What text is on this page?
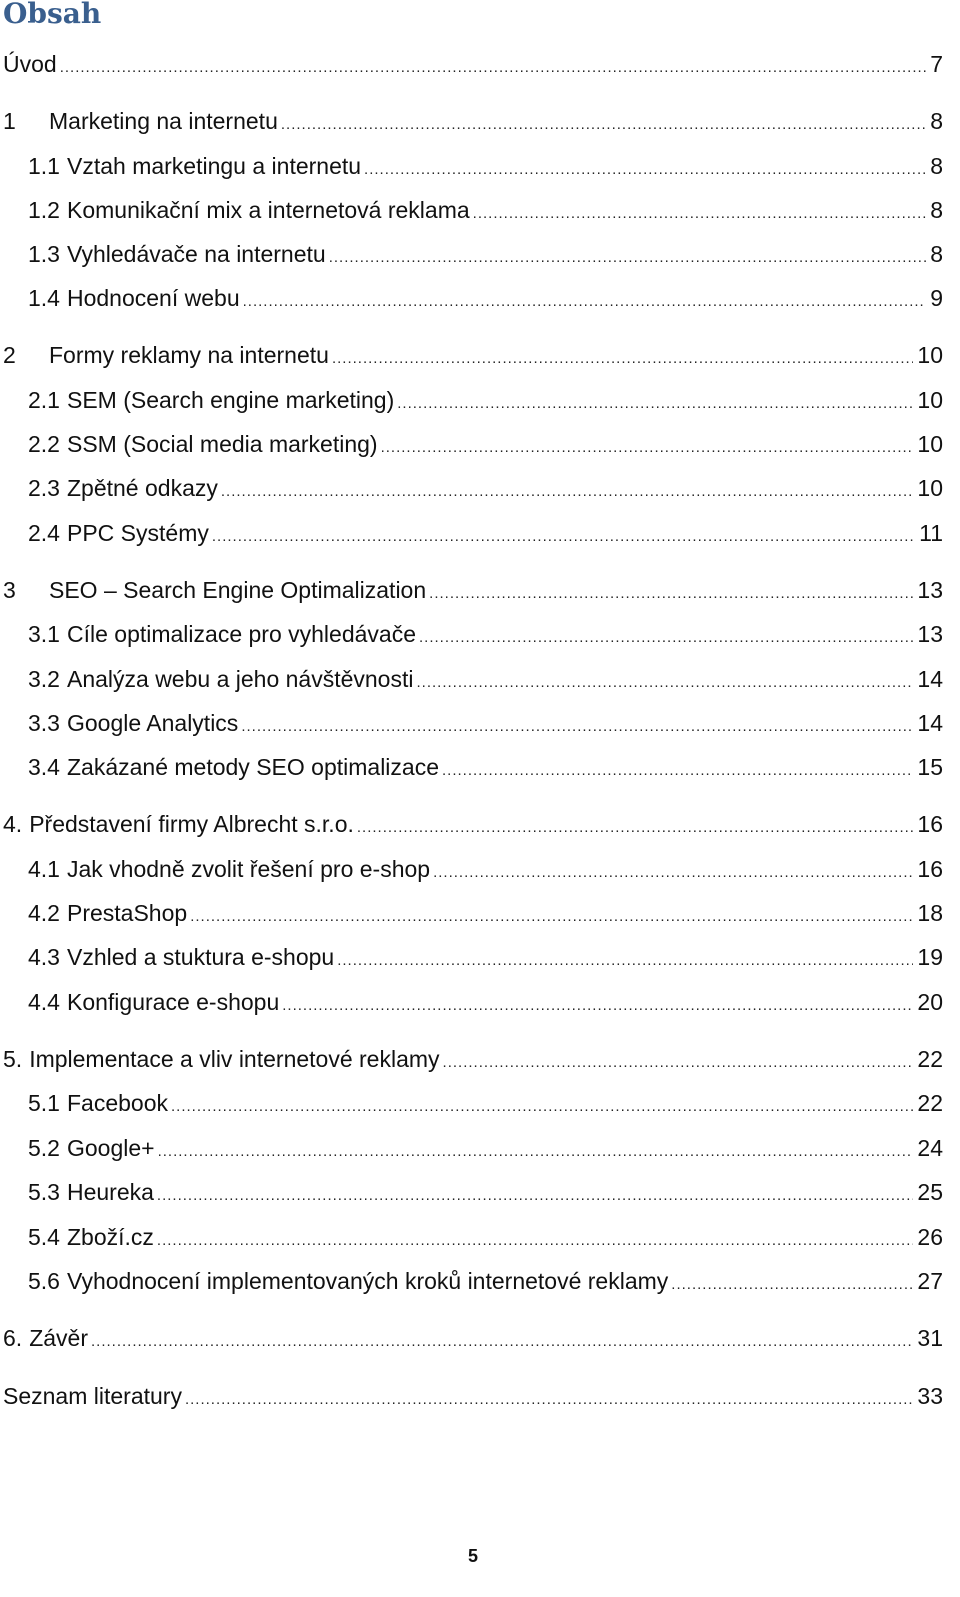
Obsah
Úvod .....	7
1	Marketing na internetu .....	8
1.1 Vztah marketingu a internetu .....	8
1.2 Komunikační mix a internetová reklama .....	8
1.3 Vyhledávače na internetu .....	8
1.4 Hodnocení webu .....	9
2	Formy reklamy na internetu .....	10
2.1 SEM (Search engine marketing) .....	10
2.2 SSM (Social media marketing) .....	10
2.3 Zpětné odkazy .....	10
2.4 PPC Systémy .....	11
3	SEO – Search Engine Optimalization .....	13
3.1 Cíle optimalizace pro vyhledávače .....	13
3.2 Analýza webu a jeho návštěvnosti .....	14
3.3 Google Analytics .....	14
3.4 Zakázané metody SEO optimalizace .....	15
4. Představení firmy Albrecht s.r.o. .....	16
4.1 Jak vhodně zvolit řešení pro e-shop .....	16
4.2 PrestaShop .....	18
4.3 Vzhled a stuktura e-shopu .....	19
4.4 Konfigurace e-shopu .....	20
5. Implementace a vliv internetové reklamy .....	22
5.1 Facebook .....	22
5.2 Google+ .....	24
5.3 Heureka .....	25
5.4 Zboží.cz .....	26
5.6 Vyhodnocení implementovaných kroků internetové reklamy .....	27
6. Závěr .....	31
Seznam literatury .....	33
5
